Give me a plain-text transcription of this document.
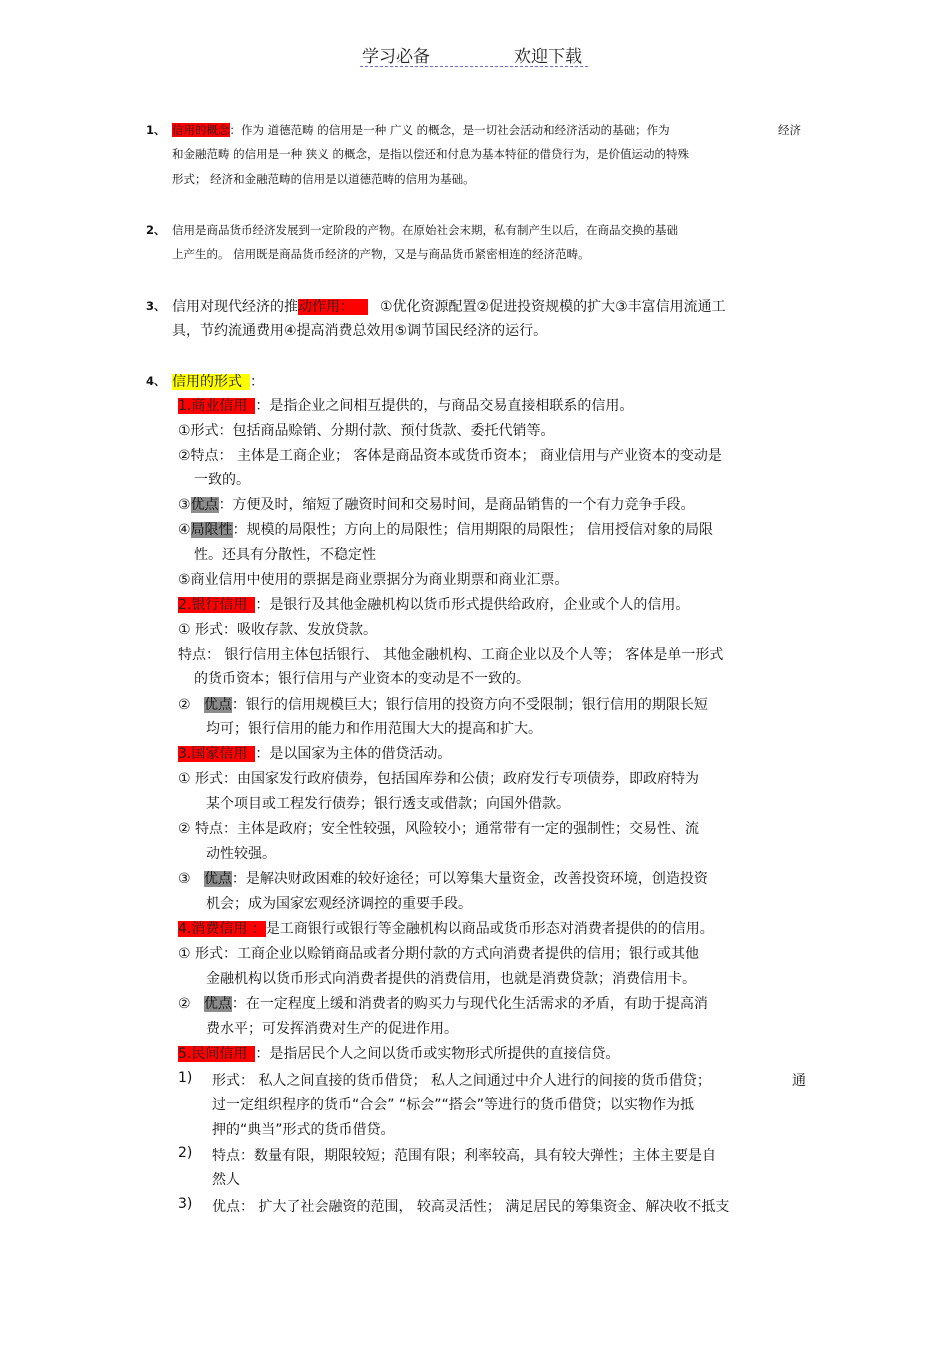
学习必备	欢迎下载
1、 信用的概念：作为 道德范畴 的信用是一种 广义 的概念，是一切社会活动和经济活动的基础；作为	经济
和金融范畴 的信用是一种 狭义 的概念，是指以偿还和付息为基本特征的借贷行为，是价值运动的特殊
形式； 经济和金融范畴的信用是以道德范畴的信用为基础。
2、 信用是商品货币经济发展到一定阶段的产物。在原始社会末期，私有制产生以后，在商品交换的基础
上产生的。 信用既是商品货币经济的产物，又是与商品货币紧密相连的经济范畴。
3、 信用对现代经济的推动作用： ①优化资源配置②促进投资规模的扩大③丰富信用流通工
具，节约流通费用④提高消费总效用⑤调节国民经济的运行。
4、 信用的形式 ：
1.商业信用 ：是指企业之间相互提供的，与商品交易直接相联系的信用。
①形式：包括商品赊销、分期付款、预付货款、委托代销等。
②特点： 主体是工商企业； 客体是商品资本或货币资本； 商业信用与产业资本的变动是
一致的。
③优点：方便及时，缩短了融资时间和交易时间，是商品销售的一个有力竞争手段。
④局限性：规模的局限性；方向上的局限性；信用期限的局限性； 信用授信对象的局限
性。还具有分散性，不稳定性
⑤商业信用中使用的票据是商业票据分为商业期票和商业汇票。
2.银行信用 ：是银行及其他金融机构以货币形式提供给政府，企业或个人的信用。
① 形式：吸收存款、发放贷款。
特点： 银行信用主体包括银行、 其他金融机构、工商企业以及个人等； 客体是单一形式
的货币资本；银行信用与产业资本的变动是不一致的。
②   优点：银行的信用规模巨大；银行信用的投资方向不受限制；银行信用的期限长短
均可；银行信用的能力和作用范围大大的提高和扩大。
3.国家信用 ：是以国家为主体的借贷活动。
① 形式：由国家发行政府债券，包括国库券和公债；政府发行专项债券，即政府特为
某个项目或工程发行债券；银行透支或借款；向国外借款。
② 特点：主体是政府；安全性较强，风险较小；通常带有一定的强制性；交易性、流
动性较强。
③   优点：是解决财政困难的较好途径；可以筹集大量资金，改善投资环境，创造投资
机会；成为国家宏观经济调控的重要手段。
4.消费信用 ：是工商银行或银行等金融机构以商品或货币形态对消费者提供的的信用。
① 形式：工商企业以赊销商品或者分期付款的方式向消费者提供的信用；银行或其他
金融机构以货币形式向消费者提供的消费信用，也就是消费贷款；消费信用卡。
②   优点：在一定程度上缓和消费者的购买力与现代化生活需求的矛盾，有助于提高消
费水平；可发挥消费对生产的促进作用。
5.民间信用 ：是指居民个人之间以货币或实物形式所提供的直接信贷。
1) 形式： 私人之间直接的货币借贷； 私人之间通过中介人进行的间接的货币借贷；	通
过一定组织程序的货币“合会” “标会”“搭会”等进行的货币借贷；以实物作为抵
押的“典当”形式的货币借贷。
2) 特点：数量有限，期限较短；范围有限；利率较高，具有较大弹性；主体主要是自
然人
3) 优点： 扩大了社会融资的范围， 较高灵活性； 满足居民的筹集资金、解决收不抵支
